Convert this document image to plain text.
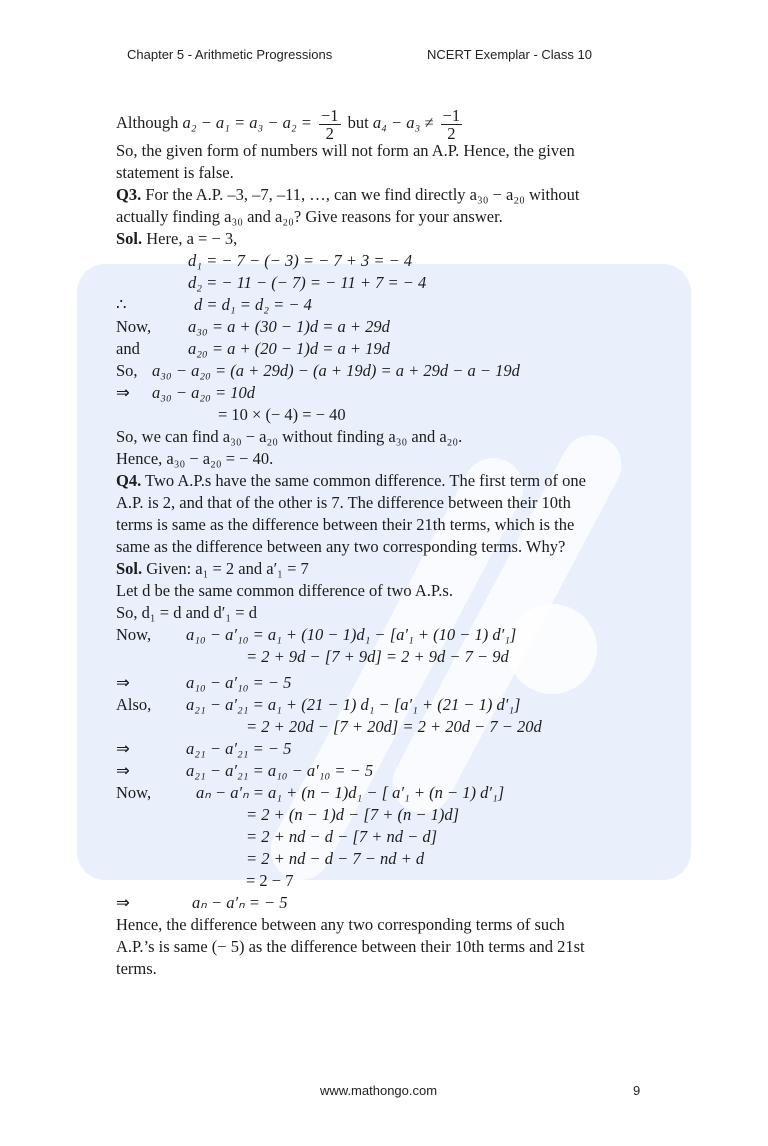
Chapter 5 - Arithmetic Progressions	NCERT Exemplar - Class 10
Although $a_2 - a_1 = a_3 - a_2 = \frac{-1}{2}$ but $a_4 - a_3 \ne \frac{-1}{2}$
So, the given form of numbers will not form an A.P. Hence, the given
statement is false.
Q3. For the A.P. –3, –7, –11, …, can we find directly a₃₀ − a₂₀ without
actually finding a₃₀ and a₂₀? Give reasons for your answer.
Sol. Here, a = − 3,
d₁ = − 7 − (− 3) = − 7 + 3 = − 4
d₂ = − 11 − (− 7) = − 11 + 7 = − 4
∴	d = d₁ = d₂ = − 4
Now, a₃₀ = a + (30 − 1)d = a + 29d
and	a₂₀ = a + (20 − 1)d = a + 19d
So, a₃₀ − a₂₀ = (a + 29d) − (a + 19d) = a + 29d − a − 19d
⇒ a₃₀ − a₂₀ = 10d
= 10 × (− 4) = − 40
So, we can find a₃₀ − a₂₀ without finding a₃₀ and a₂₀.
Hence, a₃₀ − a₂₀ = − 40.
Q4. Two A.P.s have the same common difference. The first term of one
A.P. is 2, and that of the other is 7. The difference between their 10th
terms is same as the difference between their 21th terms, which is the
same as the difference between any two corresponding terms. Why?
Sol. Given: a₁ = 2 and a′₁ = 7
Let d be the same common difference of two A.P.s.
So, d₁ = d and d′₁ = d
Now, a₁₀ − a′₁₀ = a₁ + (10 − 1)d₁ − [a′₁ + (10 − 1) d′₁]
= 2 + 9d − [7 + 9d] = 2 + 9d − 7 − 9d
⇒	a₁₀ − a′₁₀ = − 5
Also, a₂₁ − a′₂₁ = a₁ + (21 − 1) d₁ − [a′₁ + (21 − 1) d′₁]
= 2 + 20d − [7 + 20d] = 2 + 20d − 7 − 20d
⇒	a₂₁ − a′₂₁ = − 5
⇒	a₂₁ − a′₂₁ = a₁₀ − a′₁₀ = − 5
Now,	aₙ − a′ₙ = a₁ + (n − 1)d₁ − [ a′₁ + (n − 1) d′₁]
= 2 + (n − 1)d − [7 + (n − 1)d]
= 2 + nd − d − [7 + nd − d]
= 2 + nd − d − 7 − nd + d
= 2 − 7
⇒	aₙ − a′ₙ = − 5
Hence, the difference between any two corresponding terms of such
A.P.’s is same (− 5) as the difference between their 10th terms and 21st
terms.
www.mathongo.com	9
